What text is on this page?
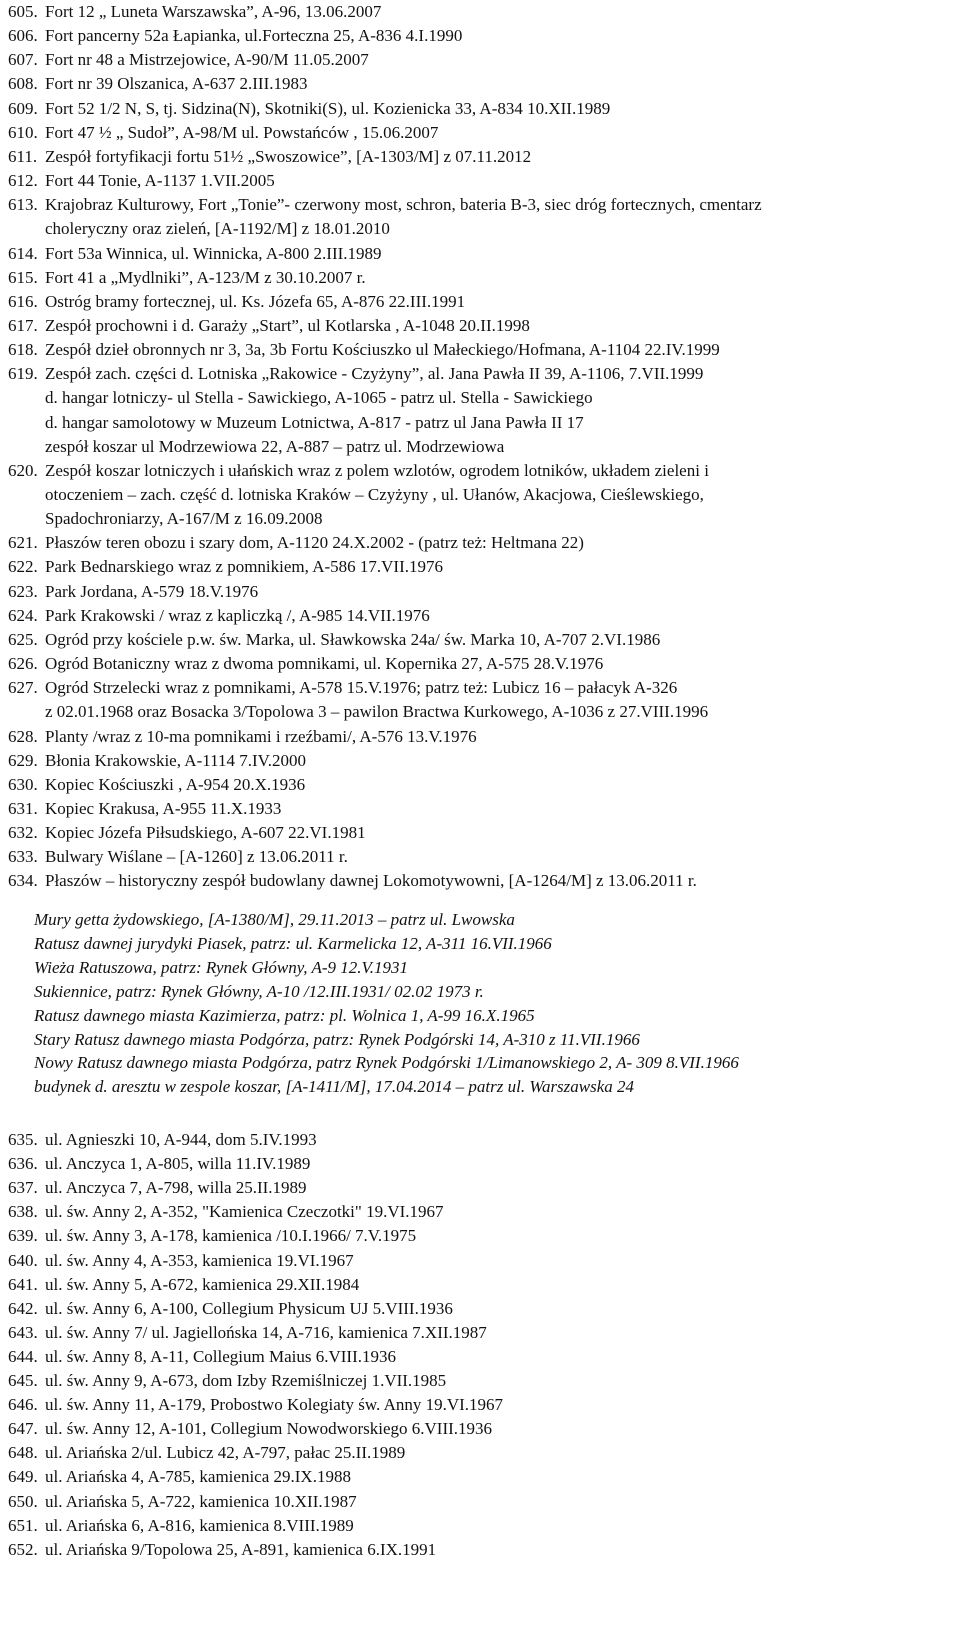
605. Fort 12 „ Luneta Warszawska”, A-96, 13.06.2007
606. Fort pancerny 52a Łapianka, ul.Forteczna 25, A-836 4.I.1990
607. Fort nr 48 a Mistrzejowice, A-90/M 11.05.2007
608. Fort nr 39 Olszanica, A-637 2.III.1983
609. Fort 52 1/2 N, S, tj. Sidzina(N), Skotniki(S), ul. Kozienicka 33, A-834 10.XII.1989
610. Fort 47 ½ „ Sudoł”, A-98/M ul. Powstańców , 15.06.2007
611. Zespół fortyfikacji fortu 51½ „Swoszowice”, [A-1303/M] z 07.11.2012
612. Fort 44 Tonie, A-1137 1.VII.2005
613. Krajobraz Kulturowy, Fort „Tonie”- czerwony most, schron, bateria B-3, siec dróg fortecznych, cmentarz
choleryczny oraz zieleń, [A-1192/M] z 18.01.2010
614. Fort 53a Winnica, ul. Winnicka, A-800 2.III.1989
615. Fort 41 a „Mydlniki”, A-123/M z 30.10.2007 r.
616. Ostróg bramy fortecznej, ul. Ks. Józefa 65, A-876 22.III.1991
617. Zespół prochowni i d. Garaży „Start”, ul Kotlarska , A-1048 20.II.1998
618. Zespół dzieł obronnych nr 3, 3a, 3b Fortu Kościuszko ul Małeckiego/Hofmana, A-1104 22.IV.1999
619. Zespół zach. części d. Lotniska „Rakowice - Czyżyny”, al. Jana Pawła II 39, A-1106, 7.VII.1999
d. hangar lotniczy- ul Stella - Sawickiego, A-1065 - patrz ul. Stella - Sawickiego
d. hangar samolotowy w Muzeum Lotnictwa, A-817 - patrz ul Jana Pawła II 17
zespół koszar ul Modrzewiowa 22, A-887 – patrz ul. Modrzewiowa
620. Zespół koszar lotniczych i ułańskich wraz z polem wzlotów, ogrodem lotników, układem zieleni i
otoczeniem – zach. część d. lotniska Kraków – Czyżyny , ul. Ułanów, Akacjowa, Cieślewskiego,
Spadochroniarzy, A-167/M z 16.09.2008
621. Płaszów teren obozu i szary dom, A-1120 24.X.2002 - (patrz też: Heltmana 22)
622. Park Bednarskiego wraz z pomnikiem, A-586 17.VII.1976
623. Park Jordana, A-579 18.V.1976
624. Park Krakowski / wraz z kapliczką /, A-985 14.VII.1976
625. Ogród przy kościele p.w. św. Marka, ul. Sławkowska 24a/ św. Marka 10, A-707 2.VI.1986
626. Ogród Botaniczny wraz z dwoma pomnikami, ul. Kopernika 27, A-575 28.V.1976
627. Ogród Strzelecki wraz z pomnikami, A-578 15.V.1976; patrz też: Lubicz 16 – pałacyk A-326
z 02.01.1968 oraz Bosacka 3/Topolowa 3 – pawilon Bractwa Kurkowego, A-1036 z 27.VIII.1996
628. Planty /wraz z 10-ma pomnikami i rzeźbami/, A-576 13.V.1976
629. Błonia Krakowskie, A-1114 7.IV.2000
630. Kopiec Kościuszki , A-954 20.X.1936
631. Kopiec Krakusa, A-955 11.X.1933
632. Kopiec Józefa Piłsudskiego, A-607 22.VI.1981
633. Bulwary Wiślane – [A-1260] z 13.06.2011 r.
634. Płaszów – historyczny zespół budowlany dawnej Lokomotywowni, [A-1264/M] z 13.06.2011 r.
Mury getta żydowskiego, [A-1380/M], 29.11.2013 – patrz ul. Lwowska
Ratusz dawnej jurydyki Piasek, patrz: ul. Karmelicka 12, A-311 16.VII.1966
Wieża Ratuszowa, patrz: Rynek Główny, A-9 12.V.1931
Sukiennice, patrz: Rynek Główny, A-10 /12.III.1931/ 02.02 1973 r.
Ratusz dawnego miasta Kazimierza, patrz: pl. Wolnica 1, A-99 16.X.1965
Stary Ratusz dawnego miasta Podgórza, patrz: Rynek Podgórski 14, A-310 z 11.VII.1966
Nowy Ratusz dawnego miasta Podgórza, patrz Rynek Podgórski 1/Limanowskiego 2, A- 309 8.VII.1966
budynek d. aresztu w zespole koszar, [A-1411/M], 17.04.2014 – patrz ul. Warszawska 24
635. ul. Agnieszki 10, A-944, dom 5.IV.1993
636. ul. Anczyca 1, A-805, willa 11.IV.1989
637. ul. Anczyca 7, A-798, willa 25.II.1989
638. ul. św. Anny 2, A-352, "Kamienica Czeczotki" 19.VI.1967
639. ul. św. Anny 3, A-178, kamienica /10.I.1966/ 7.V.1975
640. ul. św. Anny 4, A-353, kamienica 19.VI.1967
641. ul. św. Anny 5, A-672, kamienica 29.XII.1984
642. ul. św. Anny 6, A-100, Collegium Physicum UJ 5.VIII.1936
643. ul. św. Anny 7/ ul. Jagiellońska 14, A-716, kamienica 7.XII.1987
644. ul. św. Anny 8, A-11, Collegium Maius 6.VIII.1936
645. ul. św. Anny 9, A-673, dom Izby Rzemiślniczej 1.VII.1985
646. ul. św. Anny 11, A-179, Probostwo Kolegiaty św. Anny 19.VI.1967
647. ul. św. Anny 12, A-101, Collegium Nowodworskiego 6.VIII.1936
648. ul. Ariańska 2/ul. Lubicz 42, A-797, pałac 25.II.1989
649. ul. Ariańska 4, A-785, kamienica 29.IX.1988
650. ul. Ariańska 5, A-722, kamienica 10.XII.1987
651. ul. Ariańska 6, A-816, kamienica 8.VIII.1989
652. ul. Ariańska 9/Topolowa 25, A-891, kamienica 6.IX.1991
